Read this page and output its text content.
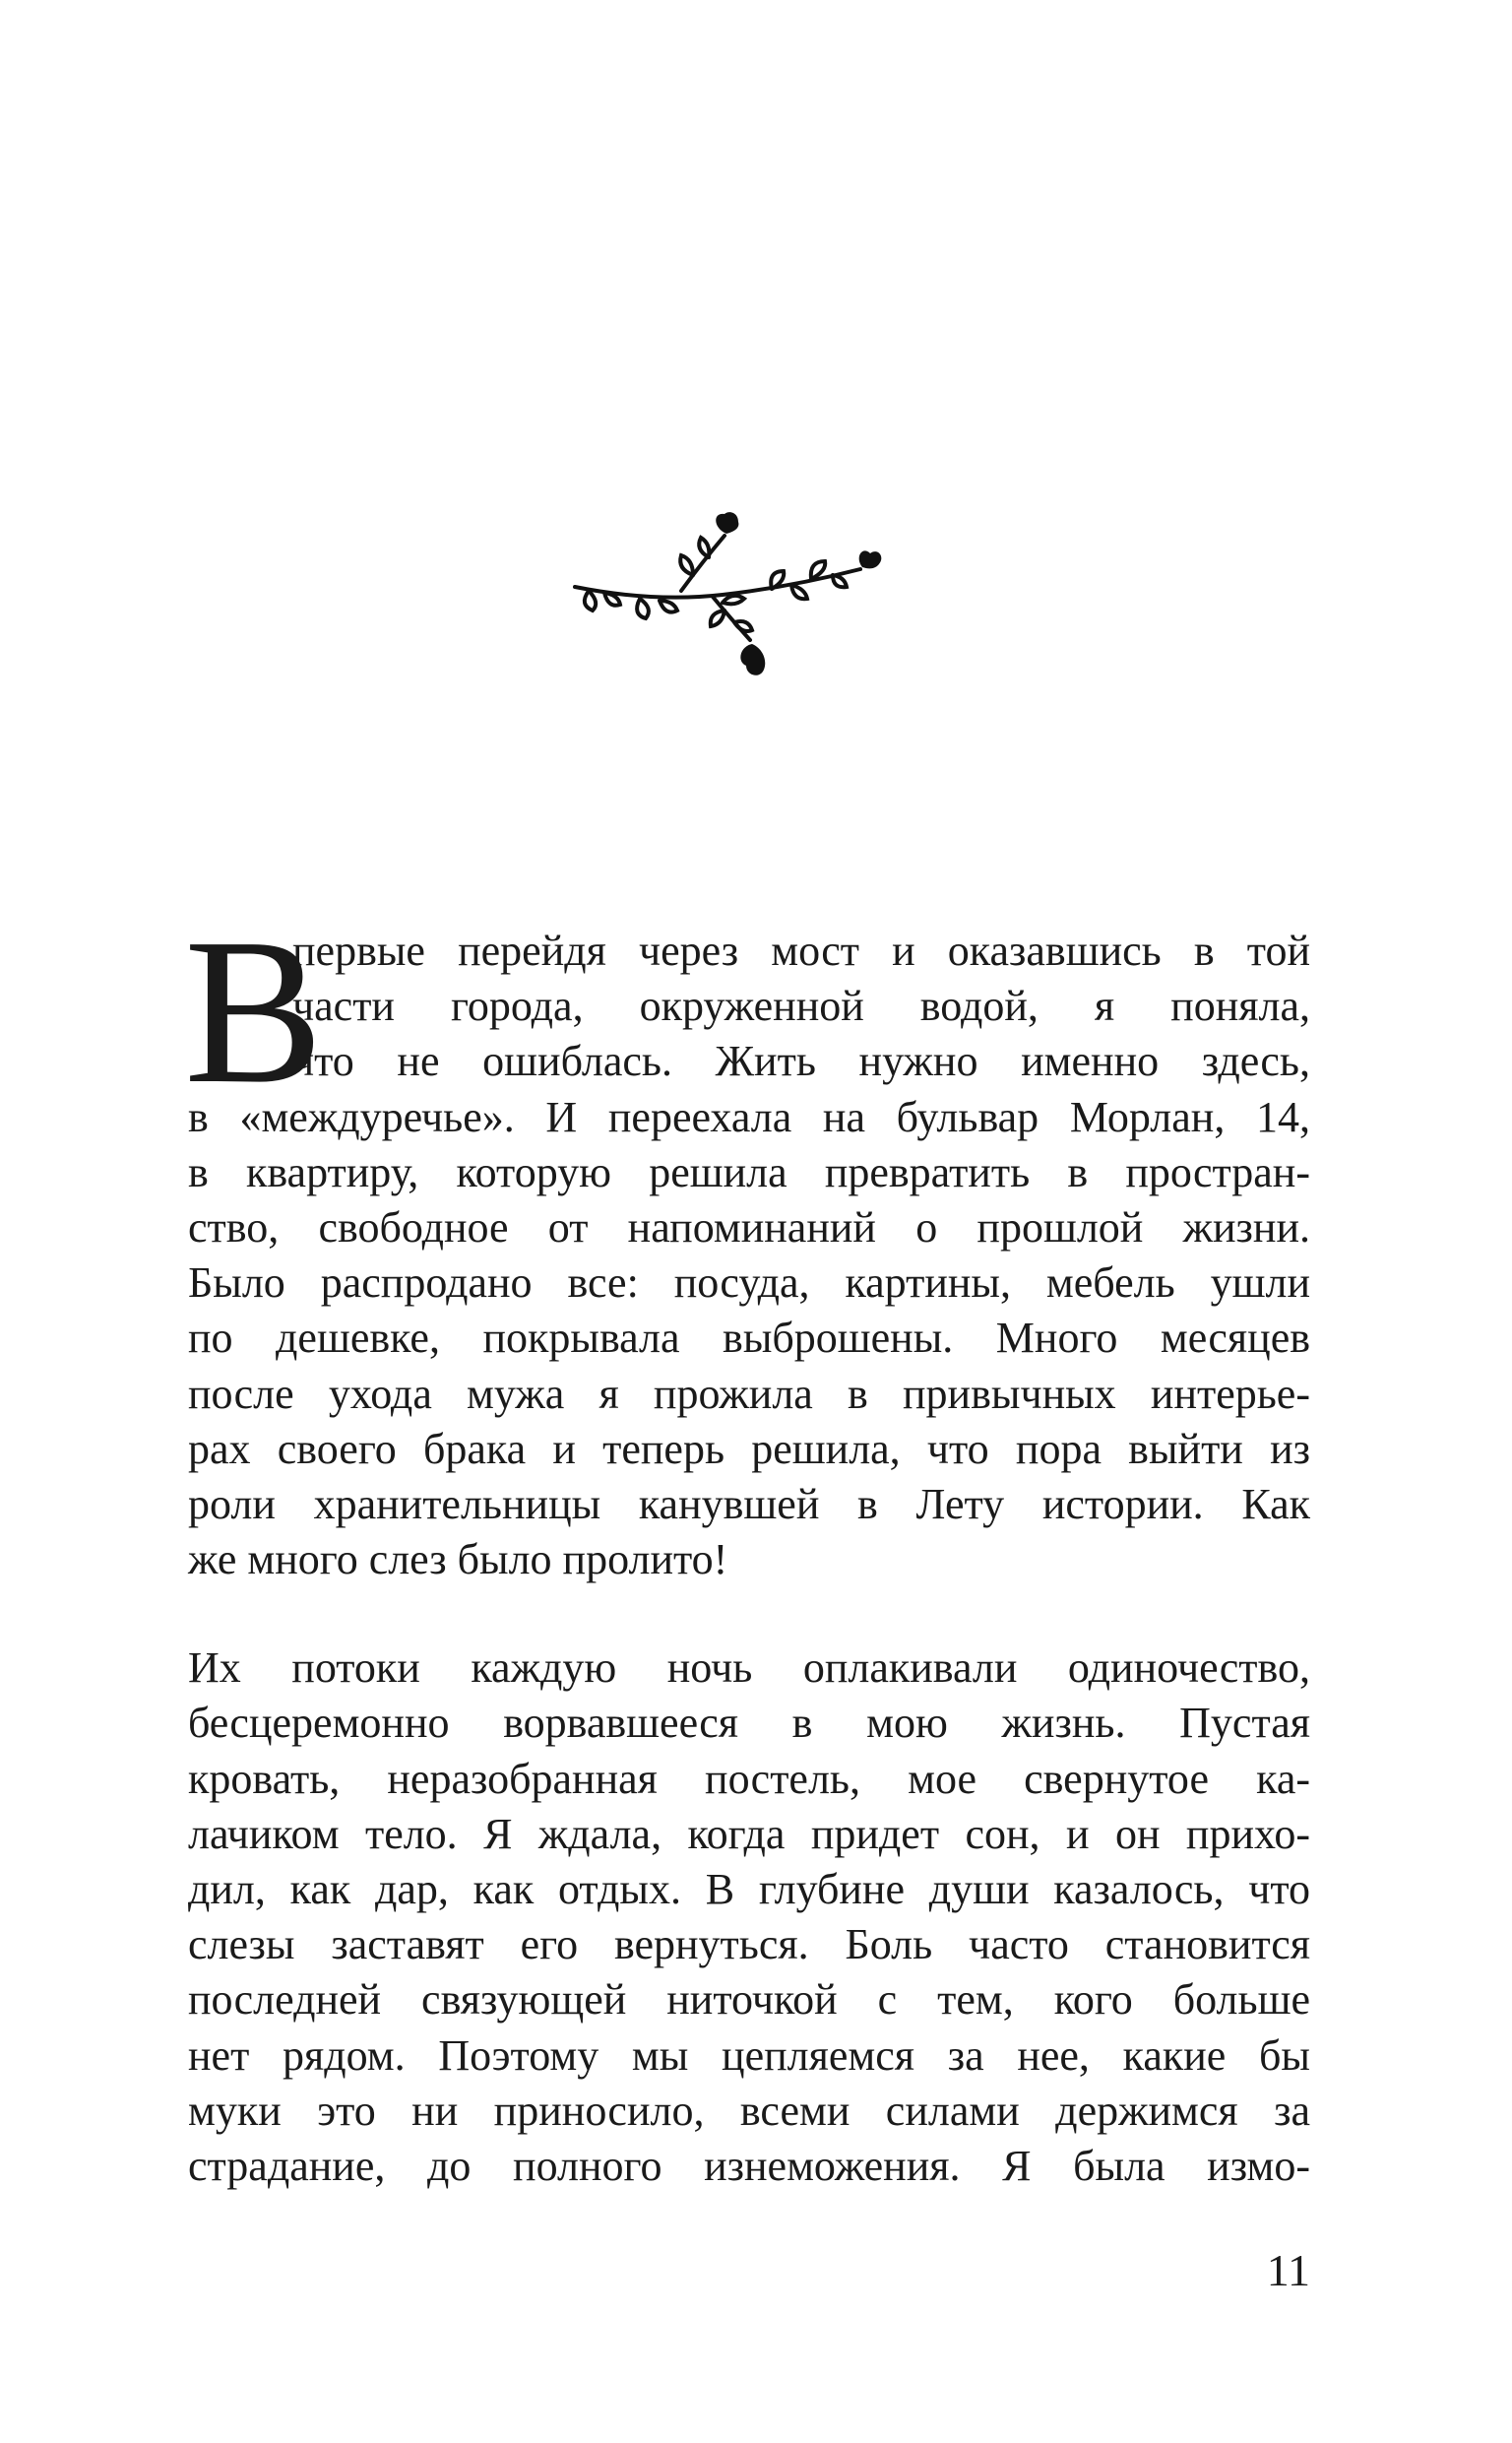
В
первые перейдя через мост и оказавшись в той
части города, окруженной водой, я поняла,
что не ошиблась. Жить нужно именно здесь,
в «междуречье». И переехала на бульвар Морлан, 14,
в квартиру, которую решила превратить в простран-
ство, свободное от напоминаний о прошлой жизни.
Было распродано все: посуда, картины, мебель ушли
по дешевке, покрывала выброшены. Много месяцев
после ухода мужа я прожила в привычных интерье-
рах своего брака и теперь решила, что пора выйти из
роли хранительницы канувшей в Лету истории. Как
же много слез было пролито!
Их потоки каждую ночь оплакивали одиночество,
бесцеремонно ворвавшееся в мою жизнь. Пустая
кровать, неразобранная постель, мое свернутое ка-
лачиком тело. Я ждала, когда придет сон, и он прихо-
дил, как дар, как отдых. В глубине души казалось, что
слезы заставят его вернуться. Боль часто становится
последней связующей ниточкой с тем, кого больше
нет рядом. Поэтому мы цепляемся за нее, какие бы
муки это ни приносило, всеми силами держимся за
страдание, до полного изнеможения. Я была измо-
11
